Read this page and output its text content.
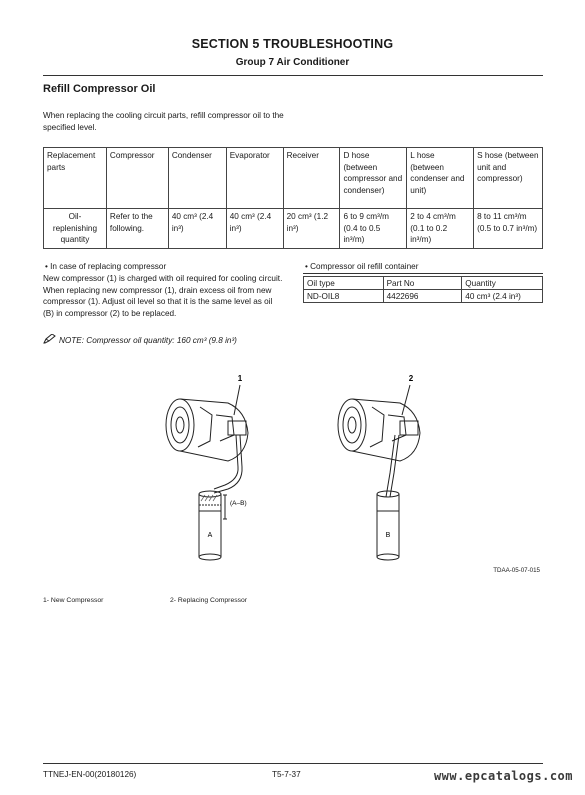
SECTION 5 TROUBLESHOOTING
Group 7 Air Conditioner
Refill Compressor Oil
When replacing the cooling circuit parts, refill compressor oil to the specified level.
Replacement parts	Compressor	Condenser	Evaporator	Receiver	D hose (between compressor and condenser)	L hose (between condenser and unit)	S hose (between unit and compressor)
Oil-replenishing quantity	Refer to the following.	40 cm³ (2.4 in³)	40 cm³ (2.4 in³)	20 cm³ (1.2 in³)	6 to 9 cm³/m (0.4 to 0.5 in³/m)	2 to 4 cm³/m (0.1 to 0.2 in³/m)	8 to 11 cm³/m (0.5 to 0.7 in³/m)
• In case of replacing compressor
New compressor (1) is charged with oil required for cooling circuit. When replacing new compressor (1), drain excess oil from new compressor (1). Adjust oil level so that it is the same level as oil (B) in compressor (2) to be replaced.
NOTE: Compressor oil quantity: 160 cm³ (9.8 in³)
• Compressor oil refill container
Oil type	Part No	Quantity
ND-OIL8	4422696	40 cm³ (2.4 in³)
1	2
A	B
(A–B)
TDAA-05-07-015
1- New Compressor	2- Replacing Compressor
TTNEJ-EN-00(20180126)	T5-7-37	www.epcatalogs.com
